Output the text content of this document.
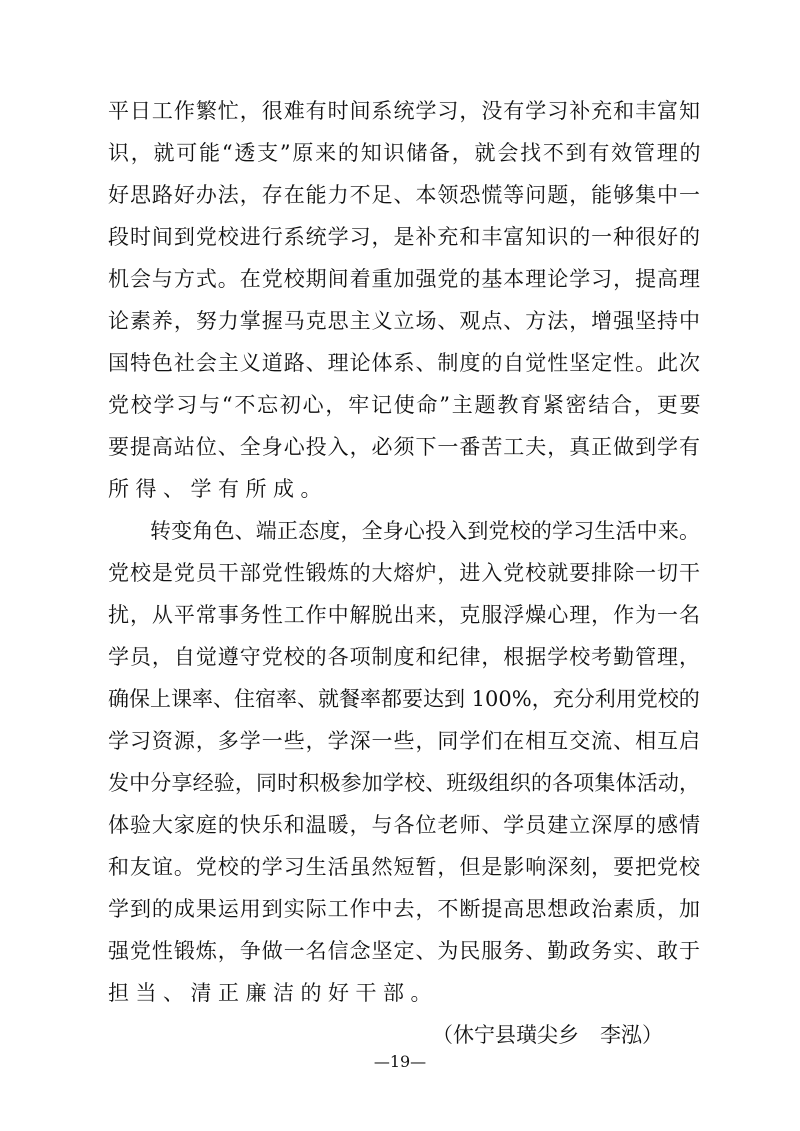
平日工作繁忙，很难有时间系统学习，没有学习补充和丰富知
识，就可能“透支”原来的知识储备，就会找不到有效管理的
好思路好办法，存在能力不足、本领恐慌等问题，能够集中一
段时间到党校进行系统学习，是补充和丰富知识的一种很好的
机会与方式。在党校期间着重加强党的基本理论学习，提高理
论素养，努力掌握马克思主义立场、观点、方法，增强坚持中
国特色社会主义道路、理论体系、制度的自觉性坚定性。此次
党校学习与“不忘初心，牢记使命”主题教育紧密结合，更要
要提高站位、全身心投入，必须下一番苦工夫，真正做到学有
所得、学有所成。
转变角色、端正态度，全身心投入到党校的学习生活中来。
党校是党员干部党性锻炼的大熔炉，进入党校就要排除一切干
扰，从平常事务性工作中解脱出来，克服浮燥心理，作为一名
学员，自觉遵守党校的各项制度和纪律，根据学校考勤管理，
确保上课率、住宿率、就餐率都要达到 100%，充分利用党校的
学习资源，多学一些，学深一些，同学们在相互交流、相互启
发中分享经验，同时积极参加学校、班级组织的各项集体活动，
体验大家庭的快乐和温暖，与各位老师、学员建立深厚的感情
和友谊。党校的学习生活虽然短暂，但是影响深刻，要把党校
学到的成果运用到实际工作中去，不断提高思想政治素质，加
强党性锻炼，争做一名信念坚定、为民服务、勤政务实、敢于
担当、清正廉洁的好干部。
（休宁县璜尖乡　李泓）
—19—
